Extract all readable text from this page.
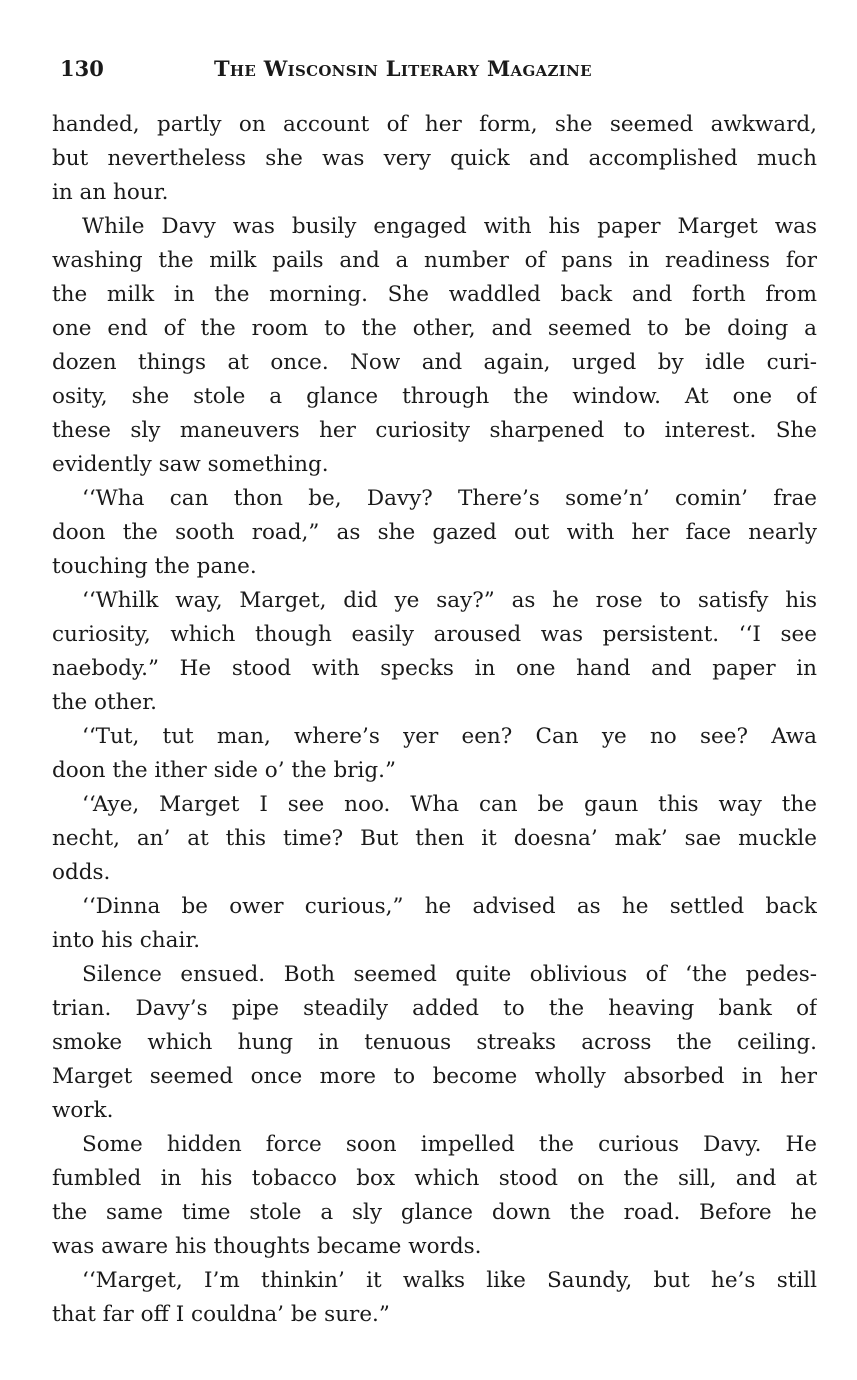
130	The Wisconsin Literary Magazine
handed, partly on account of her form, she seemed awkward,
but nevertheless she was very quick and accomplished much
in an hour.
While Davy was busily engaged with his paper Marget was
washing the milk pails and a number of pans in readiness for
the milk in the morning. She waddled back and forth from
one end of the room to the other, and seemed to be doing a
dozen things at once. Now and again, urged by idle curi-
osity, she stole a glance through the window. At one of
these sly maneuvers her curiosity sharpened to interest. She
evidently saw something.
‘‘Wha can thon be, Davy? There’s some’n’ comin’ frae
doon the sooth road,” as she gazed out with her face nearly
touching the pane.
‘‘Whilk way, Marget, did ye say?” as he rose to satisfy his
curiosity, which though easily aroused was persistent. ‘‘I see
naebody.” He stood with specks in one hand and paper in
the other.
‘‘Tut, tut man, where’s yer een? Can ye no see? Awa
doon the ither side o’ the brig.”
‘‘Aye, Marget I see noo. Wha can be gaun this way the
necht, an’ at this time? But then it doesna’ mak’ sae muckle
odds.
‘‘Dinna be ower curious,” he advised as he settled back
into his chair.
Silence ensued. Both seemed quite oblivious of ‘the pedes-
trian. Davy’s pipe steadily added to the heaving bank of
smoke which hung in tenuous streaks across the ceiling.
Marget seemed once more to become wholly absorbed in her
work.
Some hidden force soon impelled the curious Davy. He
fumbled in his tobacco box which stood on the sill, and at
the same time stole a sly glance down the road. Before he
was aware his thoughts became words.
‘‘Marget, I’m thinkin’ it walks like Saundy, but he’s still
that far off I couldna’ be sure.”
